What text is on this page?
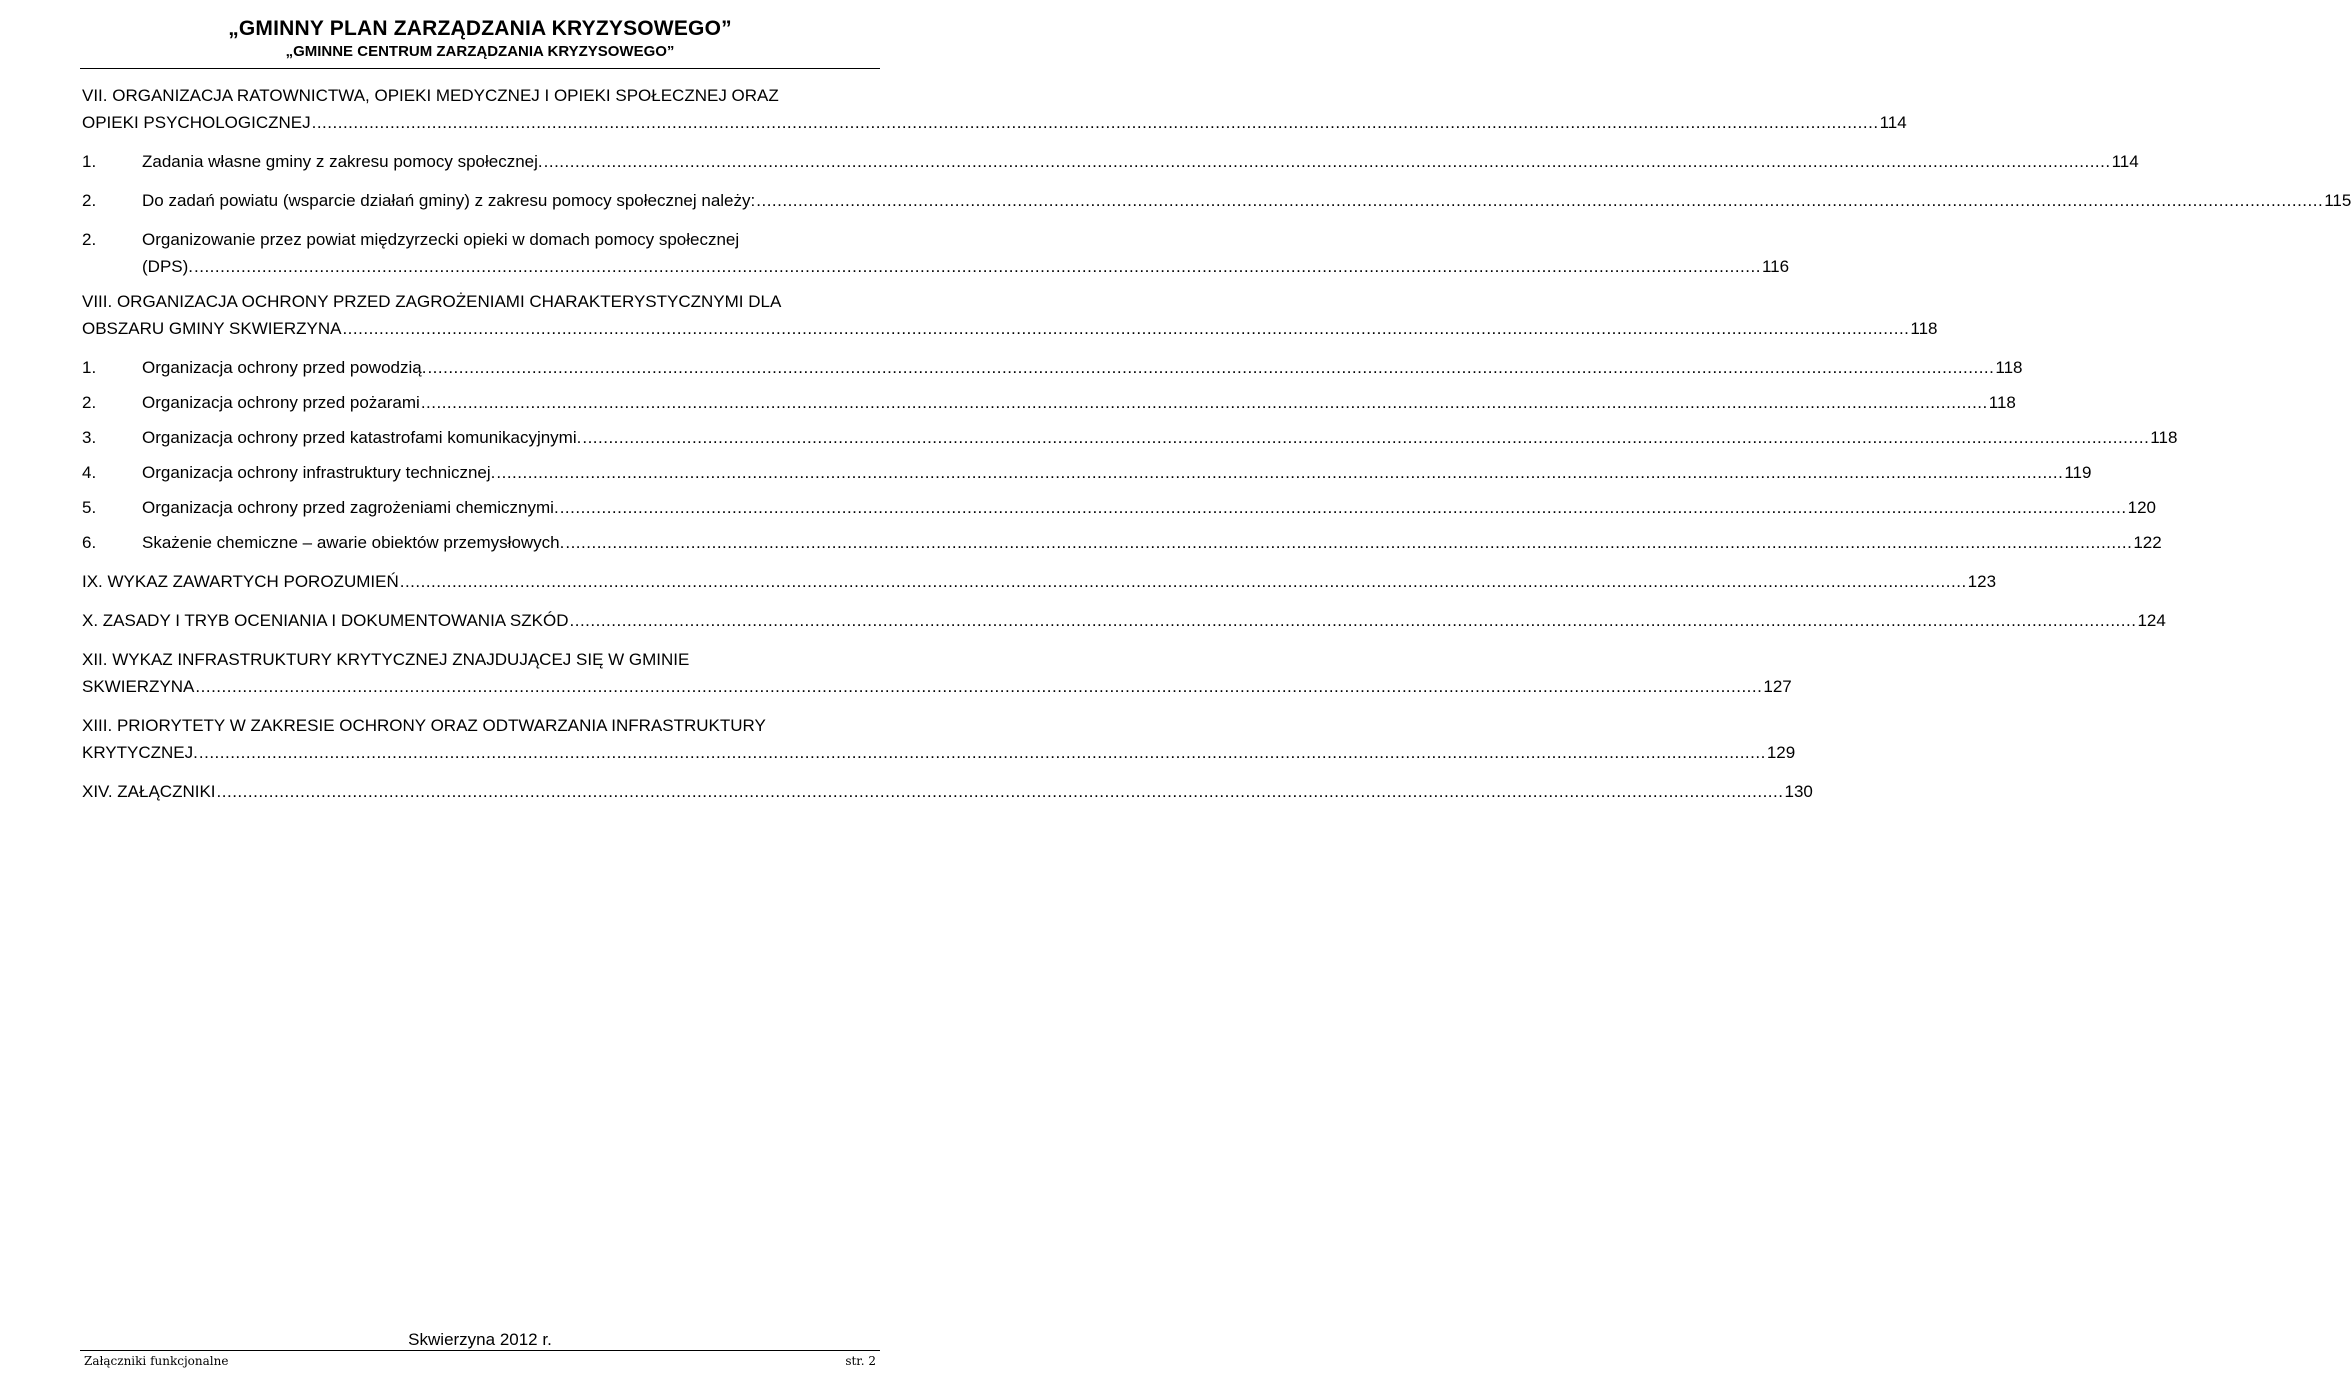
„GMINNY PLAN ZARZĄDZANIA KRYZYSOWEGO”
„GMINNE CENTRUM ZARZĄDZANIA KRYZYSOWEGO”
VII. ORGANIZACJA RATOWNICTWA, OPIEKI MEDYCZNEJ I OPIEKI SPOŁECZNEJ ORAZ
OPIEKI PSYCHOLOGICZNEJ ............................................................................................................................................................................................................................................................................................................ 114
1.	Zadania własne gminy z zakresu pomocy społecznej. ............................................................................................................................................................................................................................................................................................................ 114
2.	Do zadań powiatu (wsparcie działań gminy) z zakresu pomocy społecznej należy: ............................................................................................................................................................................................................................................................................................................ 115
2.	Organizowanie przez powiat międzyrzecki opieki w domach pomocy społecznej
(DPS). ............................................................................................................................................................................................................................................................................................................ 116
VIII. ORGANIZACJA OCHRONY PRZED ZAGROŻENIAMI CHARAKTERYSTYCZNYMI DLA
OBSZARU GMINY SKWIERZYNA ............................................................................................................................................................................................................................................................................................................ 118
1.	Organizacja ochrony przed powodzią. ............................................................................................................................................................................................................................................................................................................ 118
2.	Organizacja ochrony przed pożarami ............................................................................................................................................................................................................................................................................................................ 118
3.	Organizacja ochrony przed katastrofami komunikacyjnymi. ............................................................................................................................................................................................................................................................................................................ 118
4.	Organizacja ochrony infrastruktury technicznej. ............................................................................................................................................................................................................................................................................................................ 119
5.	Organizacja ochrony przed zagrożeniami chemicznymi. ............................................................................................................................................................................................................................................................................................................ 120
6.	Skażenie chemiczne – awarie obiektów przemysłowych. ............................................................................................................................................................................................................................................................................................................ 122
IX. WYKAZ ZAWARTYCH POROZUMIEŃ ............................................................................................................................................................................................................................................................................................................ 123
X. ZASADY I TRYB OCENIANIA I DOKUMENTOWANIA SZKÓD ............................................................................................................................................................................................................................................................................................................ 124
XII. WYKAZ INFRASTRUKTURY KRYTYCZNEJ ZNAJDUJĄCEJ SIĘ W GMINIE
SKWIERZYNA ............................................................................................................................................................................................................................................................................................................ 127
XIII. PRIORYTETY W ZAKRESIE OCHRONY ORAZ ODTWARZANIA INFRASTRUKTURY
KRYTYCZNEJ. ............................................................................................................................................................................................................................................................................................................ 129
XIV. ZAŁĄCZNIKI ............................................................................................................................................................................................................................................................................................................ 130
Skwierzyna 2012 r.
Załączniki funkcjonalne	str. 2
